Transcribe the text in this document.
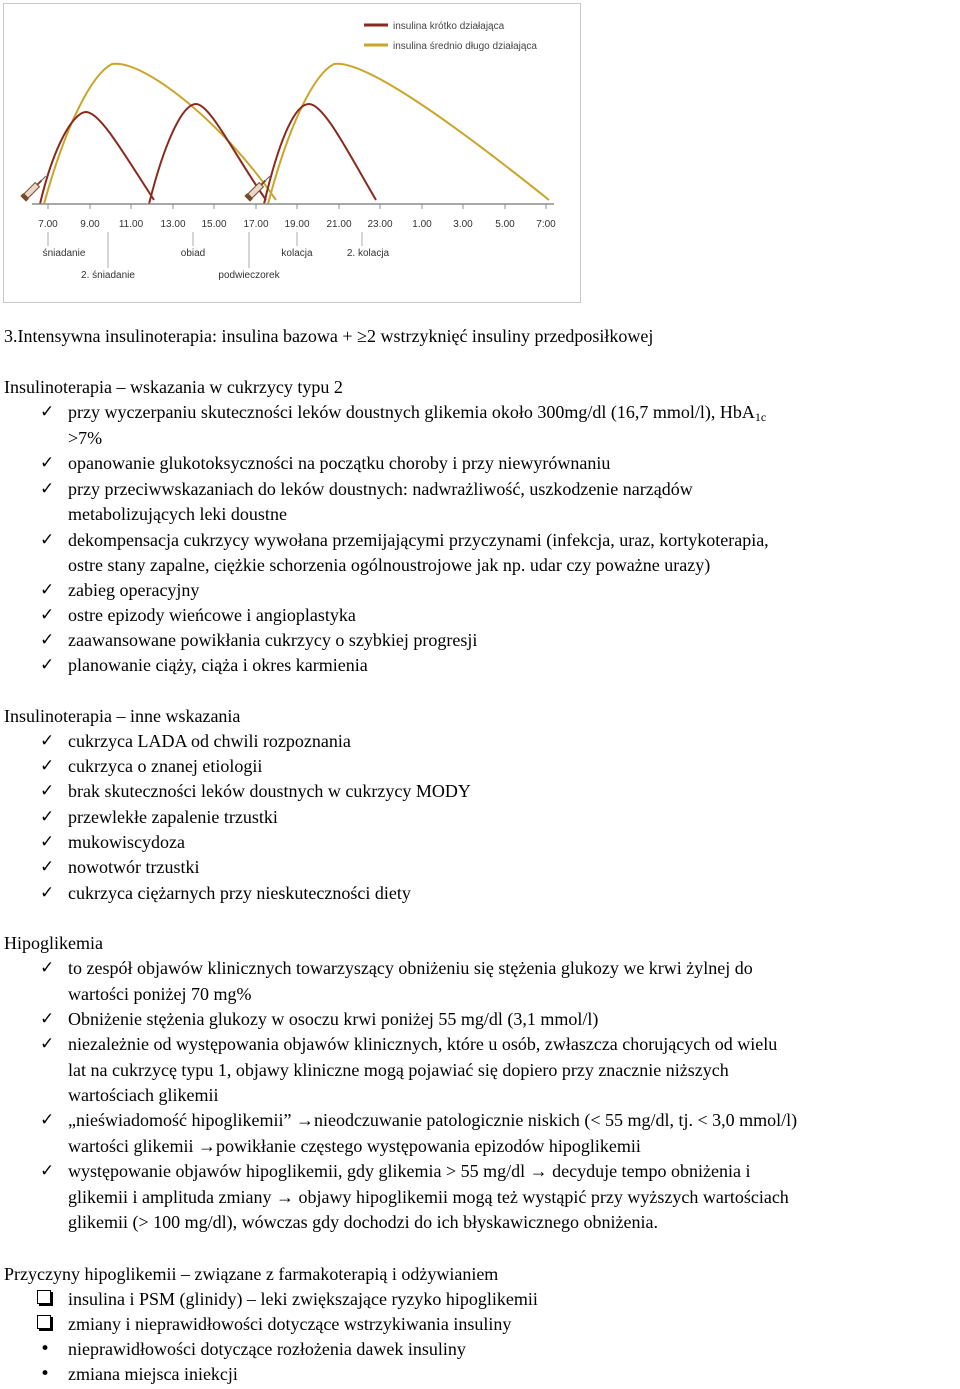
insulina krótko działająca
insulina średnio długo działająca
7.00 9.00 11.00 13.00 15.00 17.00 19.00 21.00 23.00 1.00 3.00 5.00 7:00
śniadanie	obiad	kolacja	2. kolacja
2. śniadanie	podwieczorek
3.Intensywna insulinoterapia: insulina bazowa + ≥2 wstrzyknięć insuliny przedposiłkowej
Insulinoterapia – wskazania w cukrzycy typu 2
✓ przy wyczerpaniu skuteczności leków doustnych glikemia około 300mg/dl (16,7 mmol/l), HbA$_{1c}$
>7%
✓ opanowanie glukotoksyczności na początku choroby i przy niewyrównaniu
✓ przy przeciwwskazaniach do leków doustnych: nadwrażliwość, uszkodzenie narządów
metabolizujących leki doustne
✓ dekompensacja cukrzycy wywołana przemijającymi przyczynami (infekcja, uraz, kortykoterapia,
ostre stany zapalne, ciężkie schorzenia ogólnoustrojowe jak np. udar czy poważne urazy)
✓ zabieg operacyjny
✓ ostre epizody wieńcowe i angioplastyka
✓ zaawansowane powikłania cukrzycy o szybkiej progresji
✓ planowanie ciąży, ciąża i okres karmienia
Insulinoterapia – inne wskazania
✓ cukrzyca LADA od chwili rozpoznania
✓ cukrzyca o znanej etiologii
✓ brak skuteczności leków doustnych w cukrzycy MODY
✓ przewlekłe zapalenie trzustki
✓ mukowiscydoza
✓ nowotwór trzustki
✓ cukrzyca ciężarnych przy nieskuteczności diety
Hipoglikemia
✓ to zespół objawów klinicznych towarzyszący obniżeniu się stężenia glukozy we krwi żylnej do
wartości poniżej 70 mg%
✓ Obniżenie stężenia glukozy w osoczu krwi poniżej 55 mg/dl (3,1 mmol/l)
✓ niezależnie od występowania objawów klinicznych, które u osób, zwłaszcza chorujących od wielu
lat na cukrzycę typu 1, objawy kliniczne mogą pojawiać się dopiero przy znacznie niższych
wartościach glikemii
✓ „nieświadomość hipoglikemii” →nieodczuwanie patologicznie niskich (< 55 mg/dl, tj. < 3,0 mmol/l)
wartości glikemii →powikłanie częstego występowania epizodów hipoglikemii
✓ występowanie objawów hipoglikemii, gdy glikemia > 55 mg/dl → decyduje tempo obniżenia i
glikemii i amplituda zmiany → objawy hipoglikemii mogą też wystąpić przy wyższych wartościach
glikemii (> 100 mg/dl), wówczas gdy dochodzi do ich błyskawicznego obniżenia.
Przyczyny hipoglikemii – związane z farmakoterapią i odżywianiem
insulina i PSM (glinidy) – leki zwiększające ryzyko hipoglikemii
zmiany i nieprawidłowości dotyczące wstrzykiwania insuliny
• nieprawidłowości dotyczące rozłożenia dawek insuliny
• zmiana miejsca iniekcji
